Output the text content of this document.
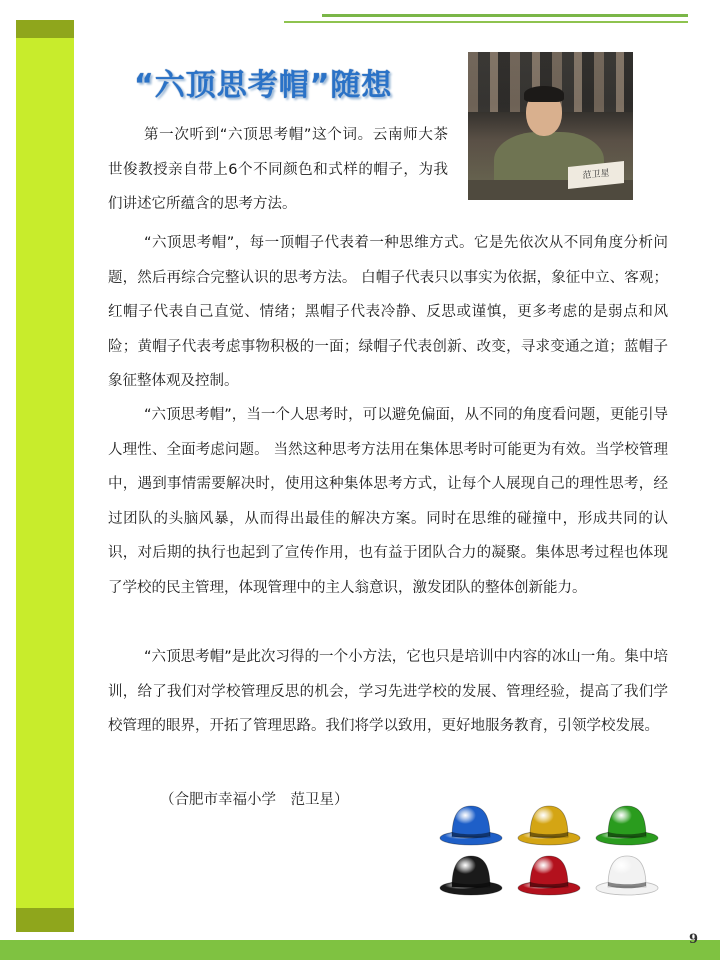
“六顶思考帽”随想
范卫星

第一次听到“六顶思考帽”这个词。云南师大茶世俊教授亲自带上6个不同颜色和式样的帽子，为我们讲述它所蕴含的思考方法。

“六顶思考帽”，每一顶帽子代表着一种思维方式。它是先依次从不同角度分析问题，然后再综合完整认识的思考方法。 白帽子代表只以事实为依据，象征中立、客观；红帽子代表自己直觉、情绪；黑帽子代表冷静、反思或谨慎，更多考虑的是弱点和风险；黄帽子代表考虑事物积极的一面；绿帽子代表创新、改变，寻求变通之道；蓝帽子象征整体观及控制。

“六顶思考帽”，当一个人思考时，可以避免偏面，从不同的角度看问题，更能引导人理性、全面考虑问题。 当然这种思考方法用在集体思考时可能更为有效。当学校管理中，遇到事情需要解决时，使用这种集体思考方式，让每个人展现自己的理性思考，经过团队的头脑风暴，从而得出最佳的解决方案。同时在思维的碰撞中，形成共同的认识，对后期的执行也起到了宣传作用，也有益于团队合力的凝聚。集体思考过程也体现了学校的民主管理，体现管理中的主人翁意识，激发团队的整体创新能力。

“六顶思考帽”是此次习得的一个小方法，它也只是培训中内容的冰山一角。集中培训，给了我们对学校管理反思的机会，学习先进学校的发展、管理经验，提高了我们学校管理的眼界，开拓了管理思路。我们将学以致用，更好地服务教育，引领学校发展。

（合肥市幸福小学　范卫星）
9
